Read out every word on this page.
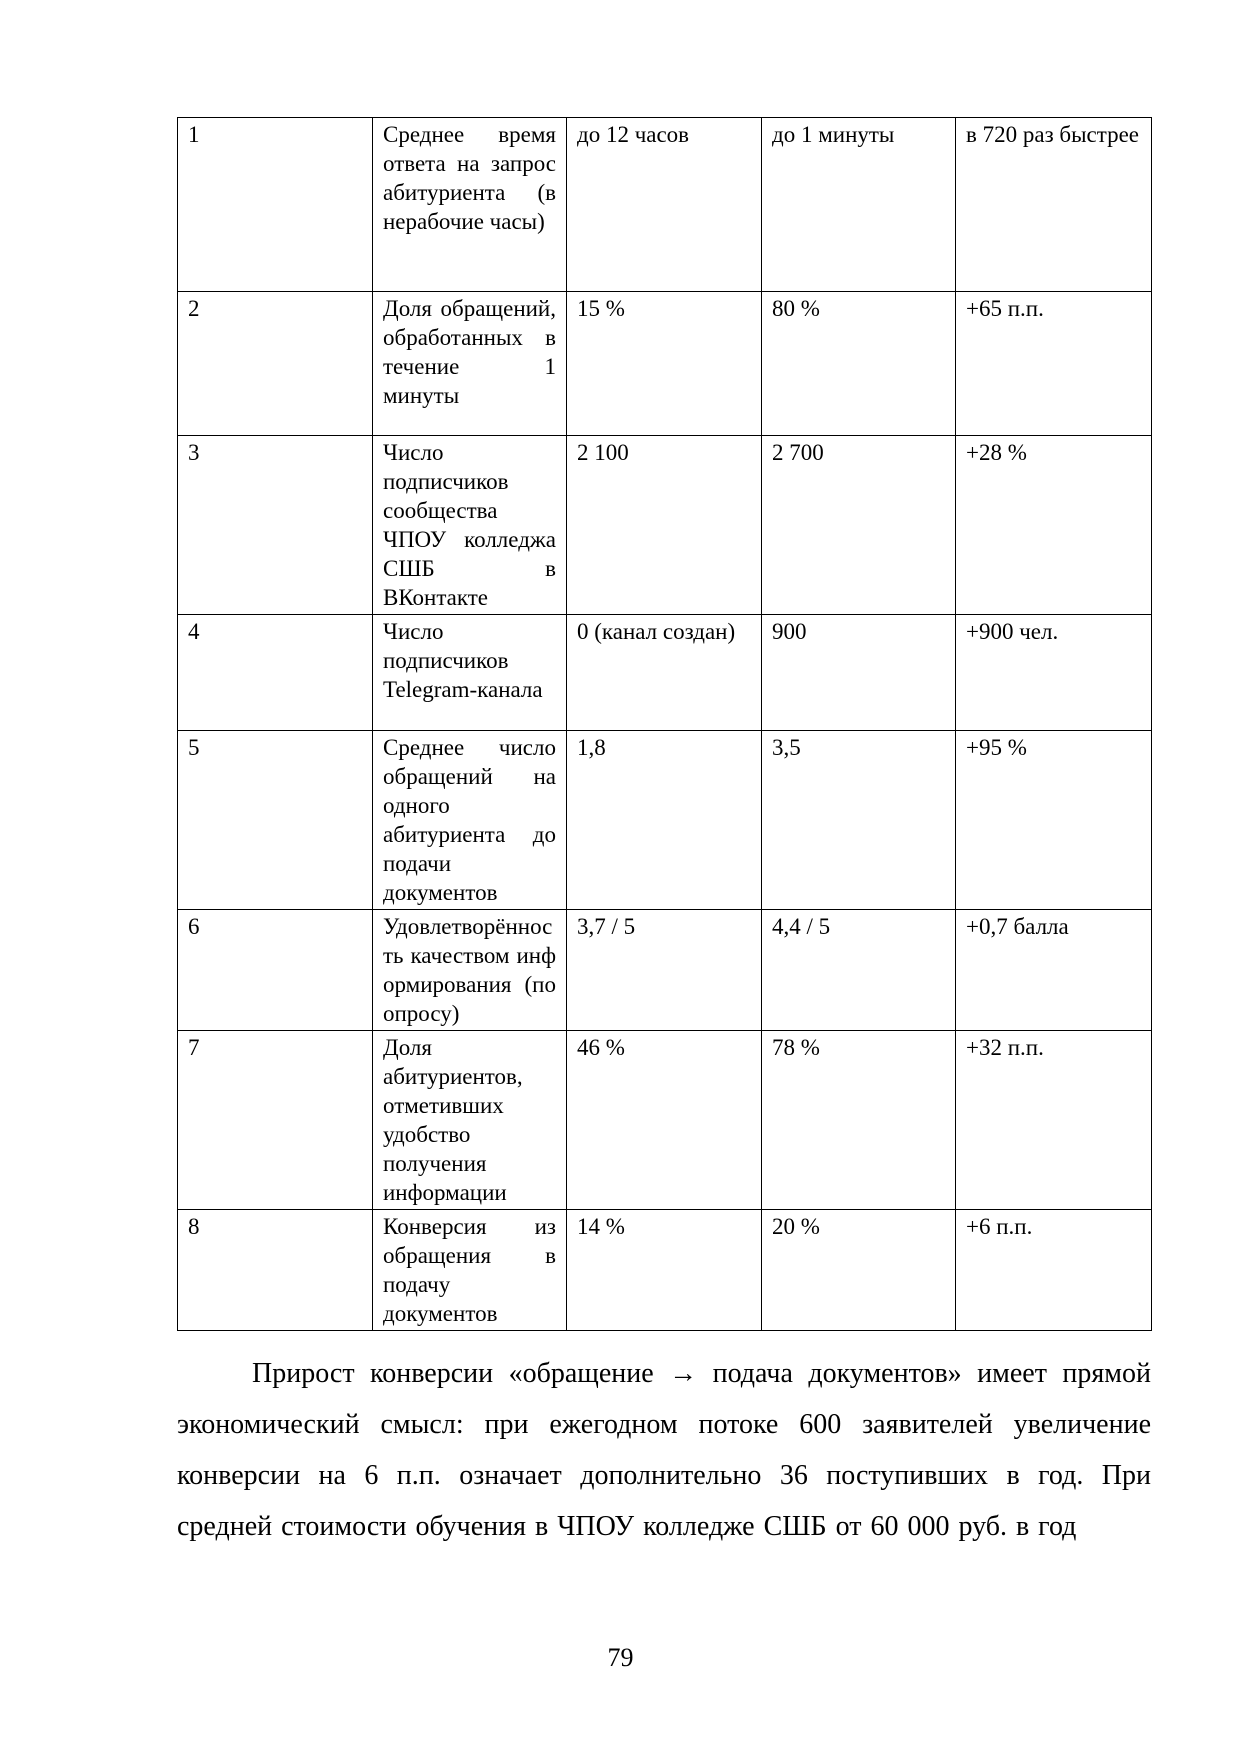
1	Среднее время ответа на запрос абитуриента (в нерабочие часы)	до 12 часов	до 1 минуты	в 720 раз быстрее
2	Доля обращений, обработанных в течение 1 минуты	15 %	80 %	+65 п.п.
3	Число подписчиков сообщества ЧПОУ колледжа СШБ в ВКонтакте	2 100	2 700	+28 %
4	Число подписчиков Telegram-канала	0 (канал создан)	900	+900 чел.
5	Среднее число обращений на одного абитуриента до подачи документов	1,8	3,5	+95 %
6	Удовлетворённость качеством информирования (по опросу)	3,7 / 5	4,4 / 5	+0,7 балла
7	Доля абитуриентов, отметивших удобство получения информации	46 %	78 %	+32 п.п.
8	Конверсия из обращения в подачу документов	14 %	20 %	+6 п.п.

Прирост конверсии «обращение → подача документов» имеет прямой экономический смысл: при ежегодном потоке 600 заявителей увеличение конверсии на 6 п.п. означает дополнительно 36 поступивших в год. При средней стоимости обучения в ЧПОУ колледже СШБ от 60 000 руб. в год

79
